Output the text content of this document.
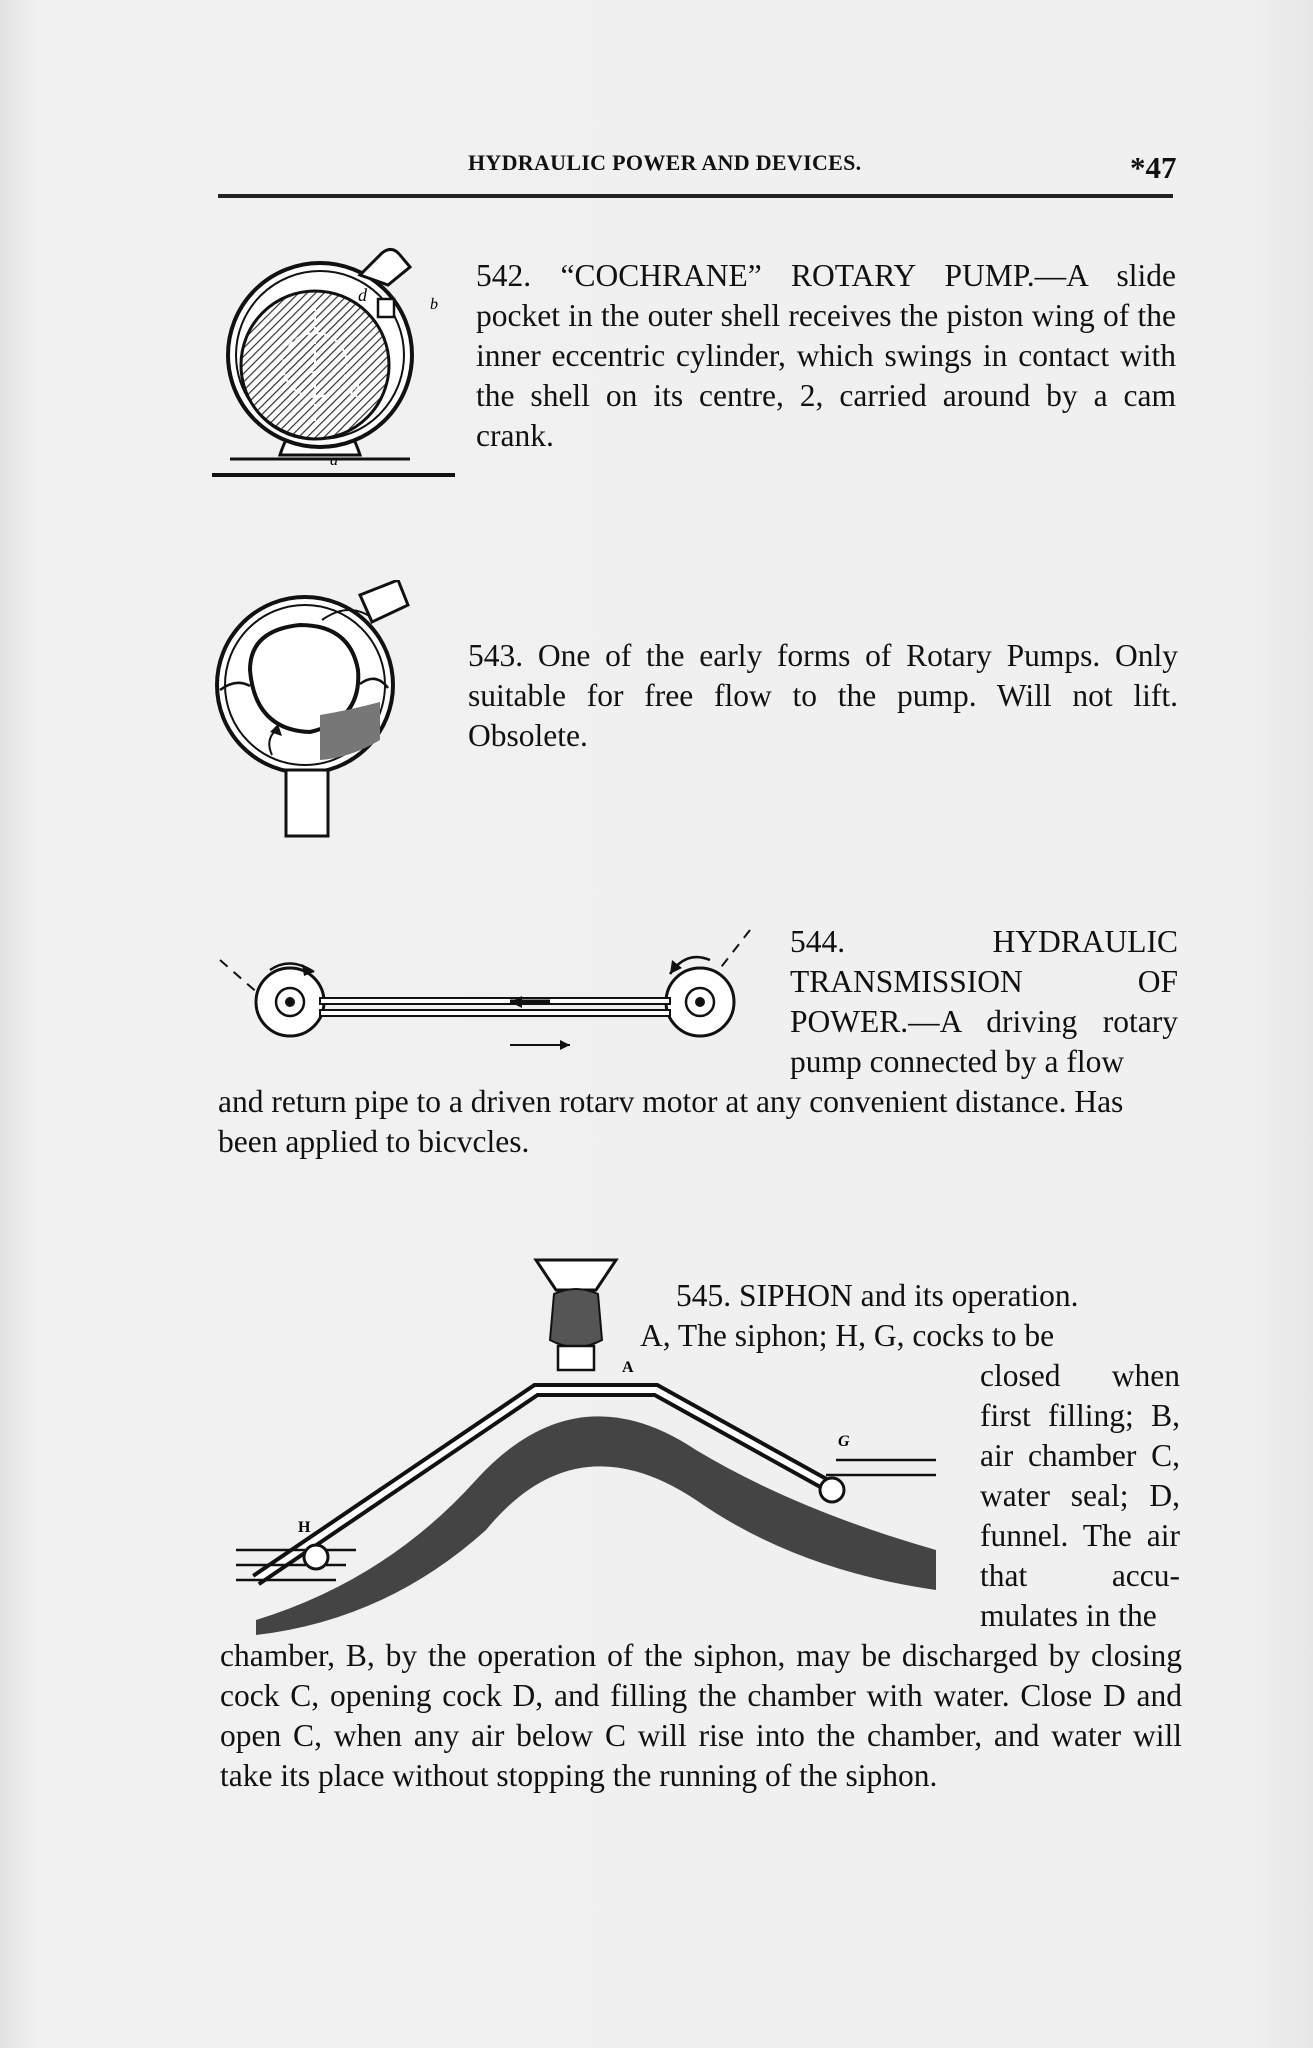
HYDRAULIC POWER AND DEVICES.	*47
d	b
d
2
a
542. “COCHRANE” ROTARY PUMP.—A slide pocket in the outer shell receives the piston wing of the inner eccentric cylinder, which swings in contact with the shell on its centre, 2, carried around by a cam crank.
543. One of the early forms of Rotary Pumps. Only suitable for free flow to the pump. Will not lift. Obsolete.
544. HYDRAULIC TRANSMISSION OF POWER.—A driving rotary pump connected by a flow
and return pipe to a driven rotarv motor at any convenient distance. Has been applied to bicvcles.
A
G
H
545. SIPHON and its operation.
A, The siphon; H, G, cocks to be
closed when first filling; B, air chamber C, water seal; D, funnel. The air that accu- mulates in the
chamber, B, by the operation of the siphon, may be discharged by closing cock C, opening cock D, and filling the chamber with water. Close D and open C, when any air below C will rise into the chamber, and water will take its place without stopping the running of the siphon.
